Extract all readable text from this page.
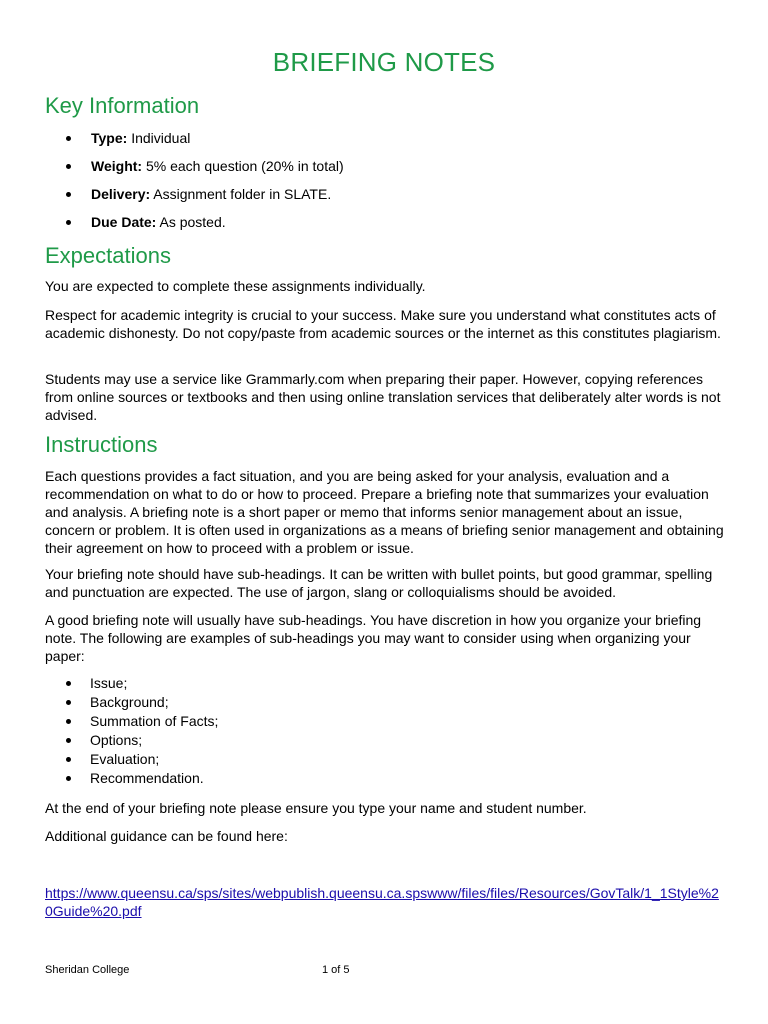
BRIEFING NOTES
Key Information
Type: Individual
Weight: 5% each question (20% in total)
Delivery: Assignment folder in SLATE.
Due Date: As posted.
Expectations

You are expected to complete these assignments individually.

Respect for academic integrity is crucial to your success. Make sure you understand what constitutes acts of academic dishonesty. Do not copy/paste from academic sources or the internet as this constitutes plagiarism.

Students may use a service like Grammarly.com when preparing their paper. However, copying references from online sources or textbooks and then using online translation services that deliberately alter words is not advised.

Instructions

Each questions provides a fact situation, and you are being asked for your analysis, evaluation and a recommendation on what to do or how to proceed. Prepare a briefing note that summarizes your evaluation and analysis. A briefing note is a short paper or memo that informs senior management about an issue, concern or problem. It is often used in organizations as a means of briefing senior management and obtaining their agreement on how to proceed with a problem or issue.

Your briefing note should have sub-headings. It can be written with bullet points, but good grammar, spelling and punctuation are expected. The use of jargon, slang or colloquialisms should be avoided.

A good briefing note will usually have sub-headings. You have discretion in how you organize your briefing note. The following are examples of sub-headings you may want to consider using when organizing your paper:

Issue;
Background;
Summation of Facts;
Options;
Evaluation;
Recommendation.

At the end of your briefing note please ensure you type your name and student number.

Additional guidance can be found here:

https://www.queensu.ca/sps/sites/webpublish.queensu.ca.spswww/files/files/Resources/GovTalk/1_1Style%20Guide%20.pdf
Sheridan College	1 of 5
